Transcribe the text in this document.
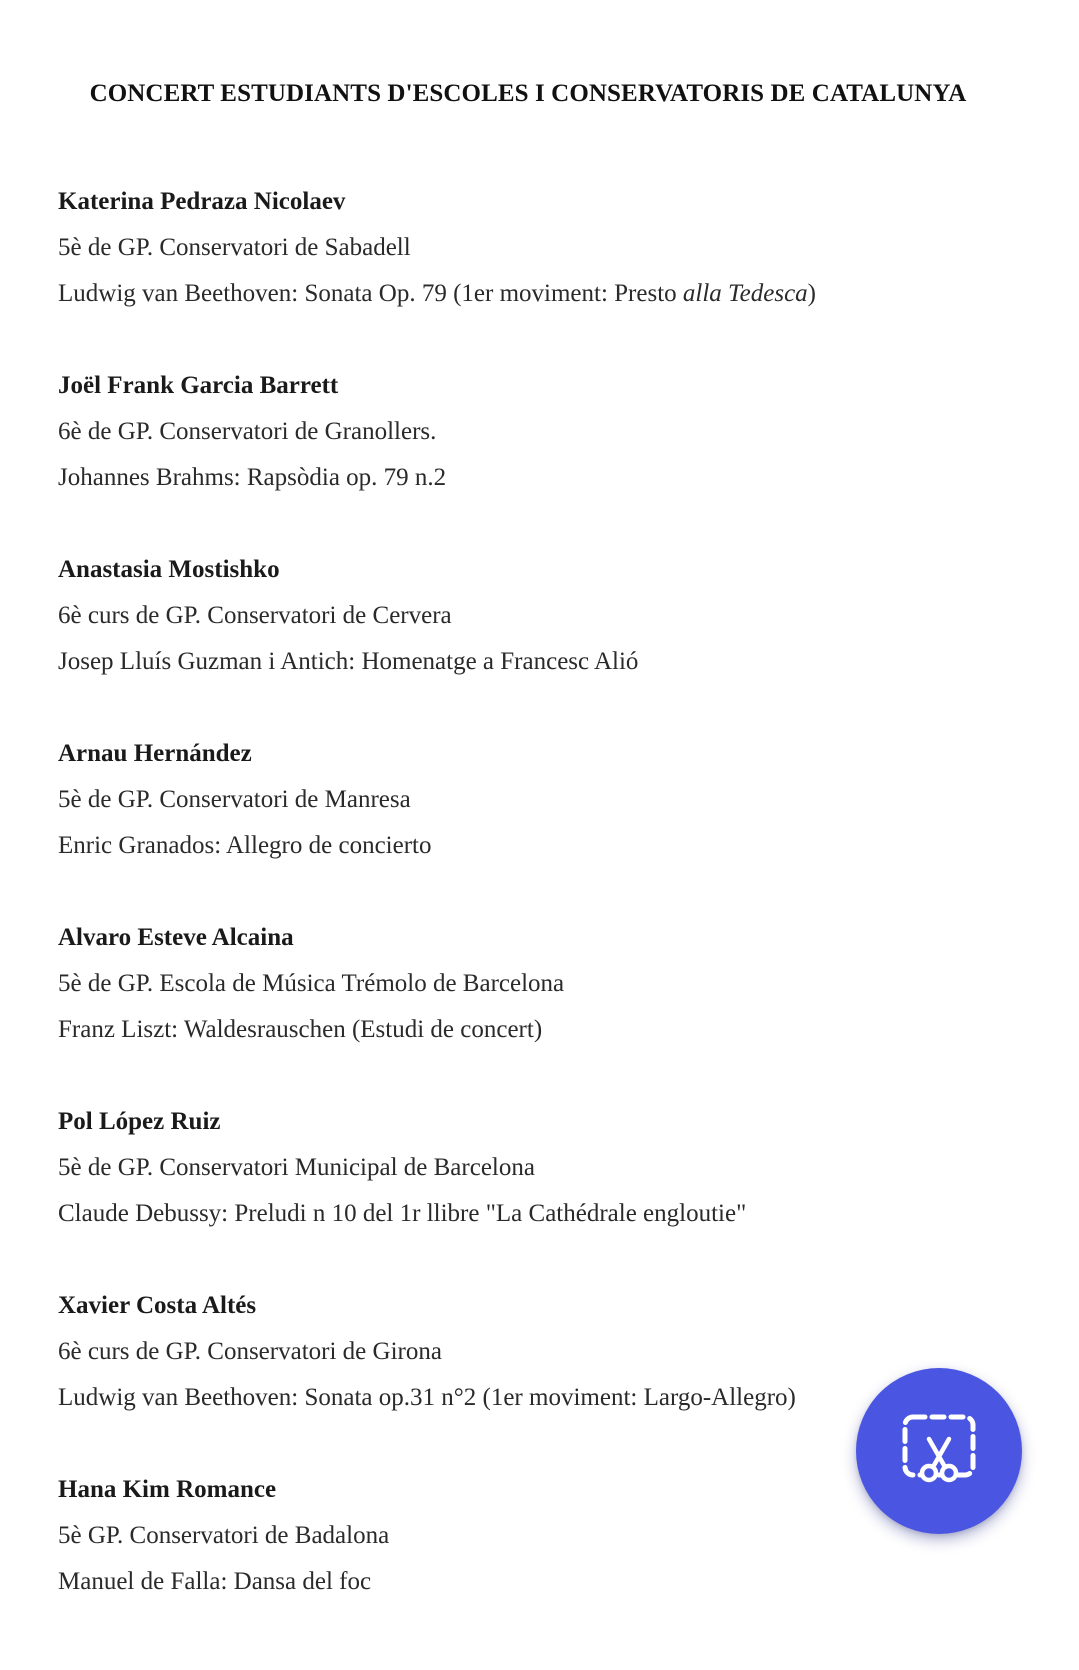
CONCERT ESTUDIANTS D'ESCOLES I CONSERVATORIS DE CATALUNYA
Katerina Pedraza Nicolaev
5è de GP. Conservatori de Sabadell
Ludwig van Beethoven: Sonata Op. 79 (1er moviment: Presto alla Tedesca)
Joël Frank Garcia Barrett
6è de GP. Conservatori de Granollers.
Johannes Brahms: Rapsòdia op. 79 n.2
Anastasia Mostishko
6è curs de GP. Conservatori de Cervera
Josep Lluís Guzman i Antich: Homenatge a Francesc Alió
Arnau Hernández
5è de GP. Conservatori de Manresa
Enric Granados: Allegro de concierto
Alvaro Esteve Alcaina
5è de GP. Escola de Música Trémolo de Barcelona
Franz Liszt: Waldesrauschen (Estudi de concert)
Pol López Ruiz
5è de GP. Conservatori Municipal de Barcelona
Claude Debussy: Preludi n 10 del 1r llibre "La Cathédrale engloutie"
Xavier Costa Altés
6è curs de GP. Conservatori de Girona
Ludwig van Beethoven: Sonata op.31 n°2 (1er moviment: Largo-Allegro)
Hana Kim Romance
5è GP. Conservatori de Badalona
Manuel de Falla: Dansa del foc
